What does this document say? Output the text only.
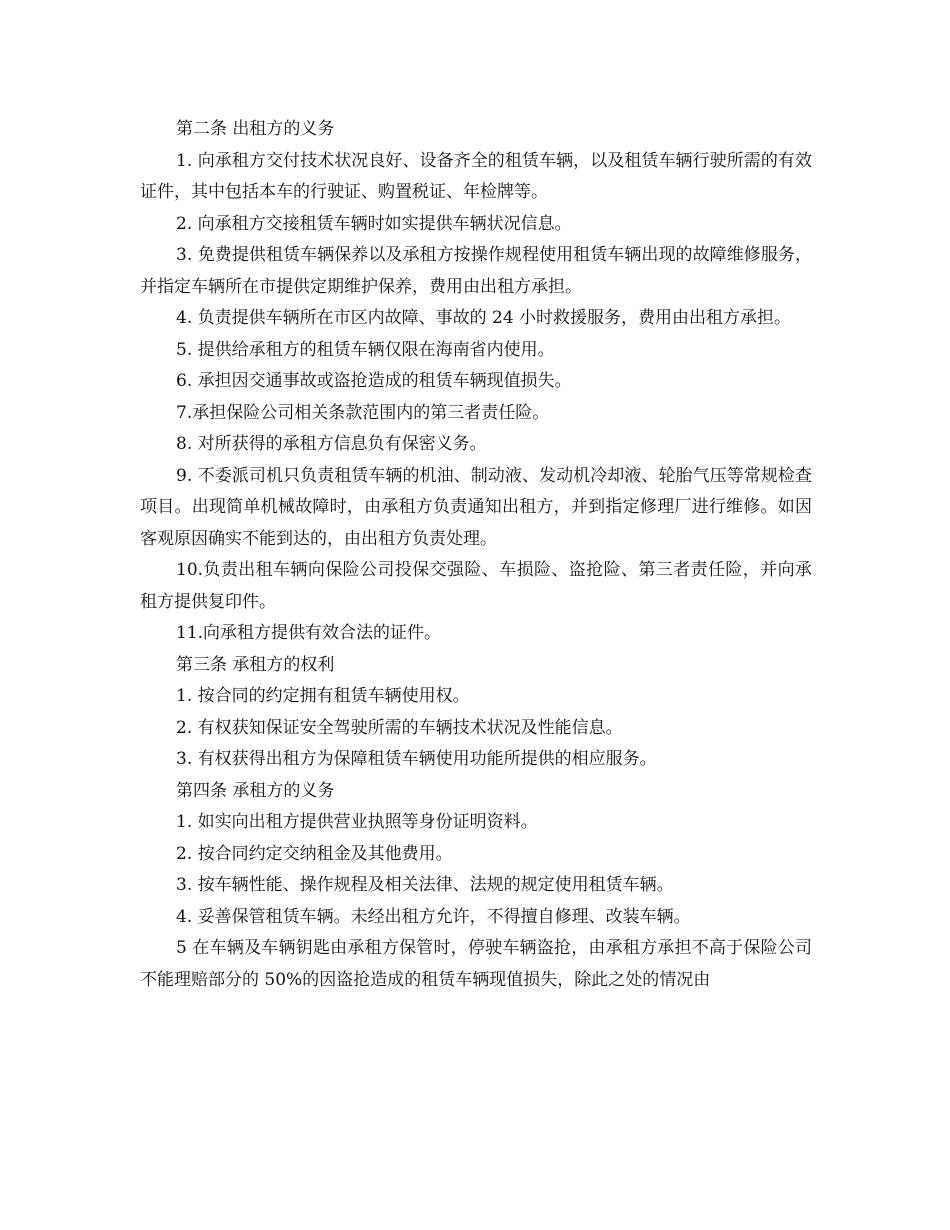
第二条 出租方的义务

1. 向承租方交付技术状况良好、设备齐全的租赁车辆，以及租赁车辆行驶所需的有效证件，其中包括本车的行驶证、购置税证、年检牌等。

2. 向承租方交接租赁车辆时如实提供车辆状况信息。

3. 免费提供租赁车辆保养以及承租方按操作规程使用租赁车辆出现的故障维修服务，并指定车辆所在市提供定期维护保养，费用由出租方承担。

4. 负责提供车辆所在市区内故障、事故的 24 小时救援服务，费用由出租方承担。

5. 提供给承租方的租赁车辆仅限在海南省内使用。

6. 承担因交通事故或盗抢造成的租赁车辆现值损失。

7.承担保险公司相关条款范围内的第三者责任险。

8. 对所获得的承租方信息负有保密义务。

9. 不委派司机只负责租赁车辆的机油、制动液、发动机冷却液、轮胎气压等常规检查项目。出现简单机械故障时，由承租方负责通知出租方，并到指定修理厂进行维修。如因客观原因确实不能到达的，由出租方负责处理。

10.负责出租车辆向保险公司投保交强险、车损险、盗抢险、第三者责任险，并向承租方提供复印件。

11.向承租方提供有效合法的证件。

第三条 承租方的权利

1. 按合同的约定拥有租赁车辆使用权。

2. 有权获知保证安全驾驶所需的车辆技术状况及性能信息。

3. 有权获得出租方为保障租赁车辆使用功能所提供的相应服务。

第四条 承租方的义务

1. 如实向出租方提供营业执照等身份证明资料。

2. 按合同约定交纳租金及其他费用。

3. 按车辆性能、操作规程及相关法律、法规的规定使用租赁车辆。

4. 妥善保管租赁车辆。未经出租方允许，不得擅自修理、改装车辆。

5 在车辆及车辆钥匙由承租方保管时，停驶车辆盗抢，由承租方承担不高于保险公司不能理赔部分的 50%的因盗抢造成的租赁车辆现值损失，除此之处的情况由
